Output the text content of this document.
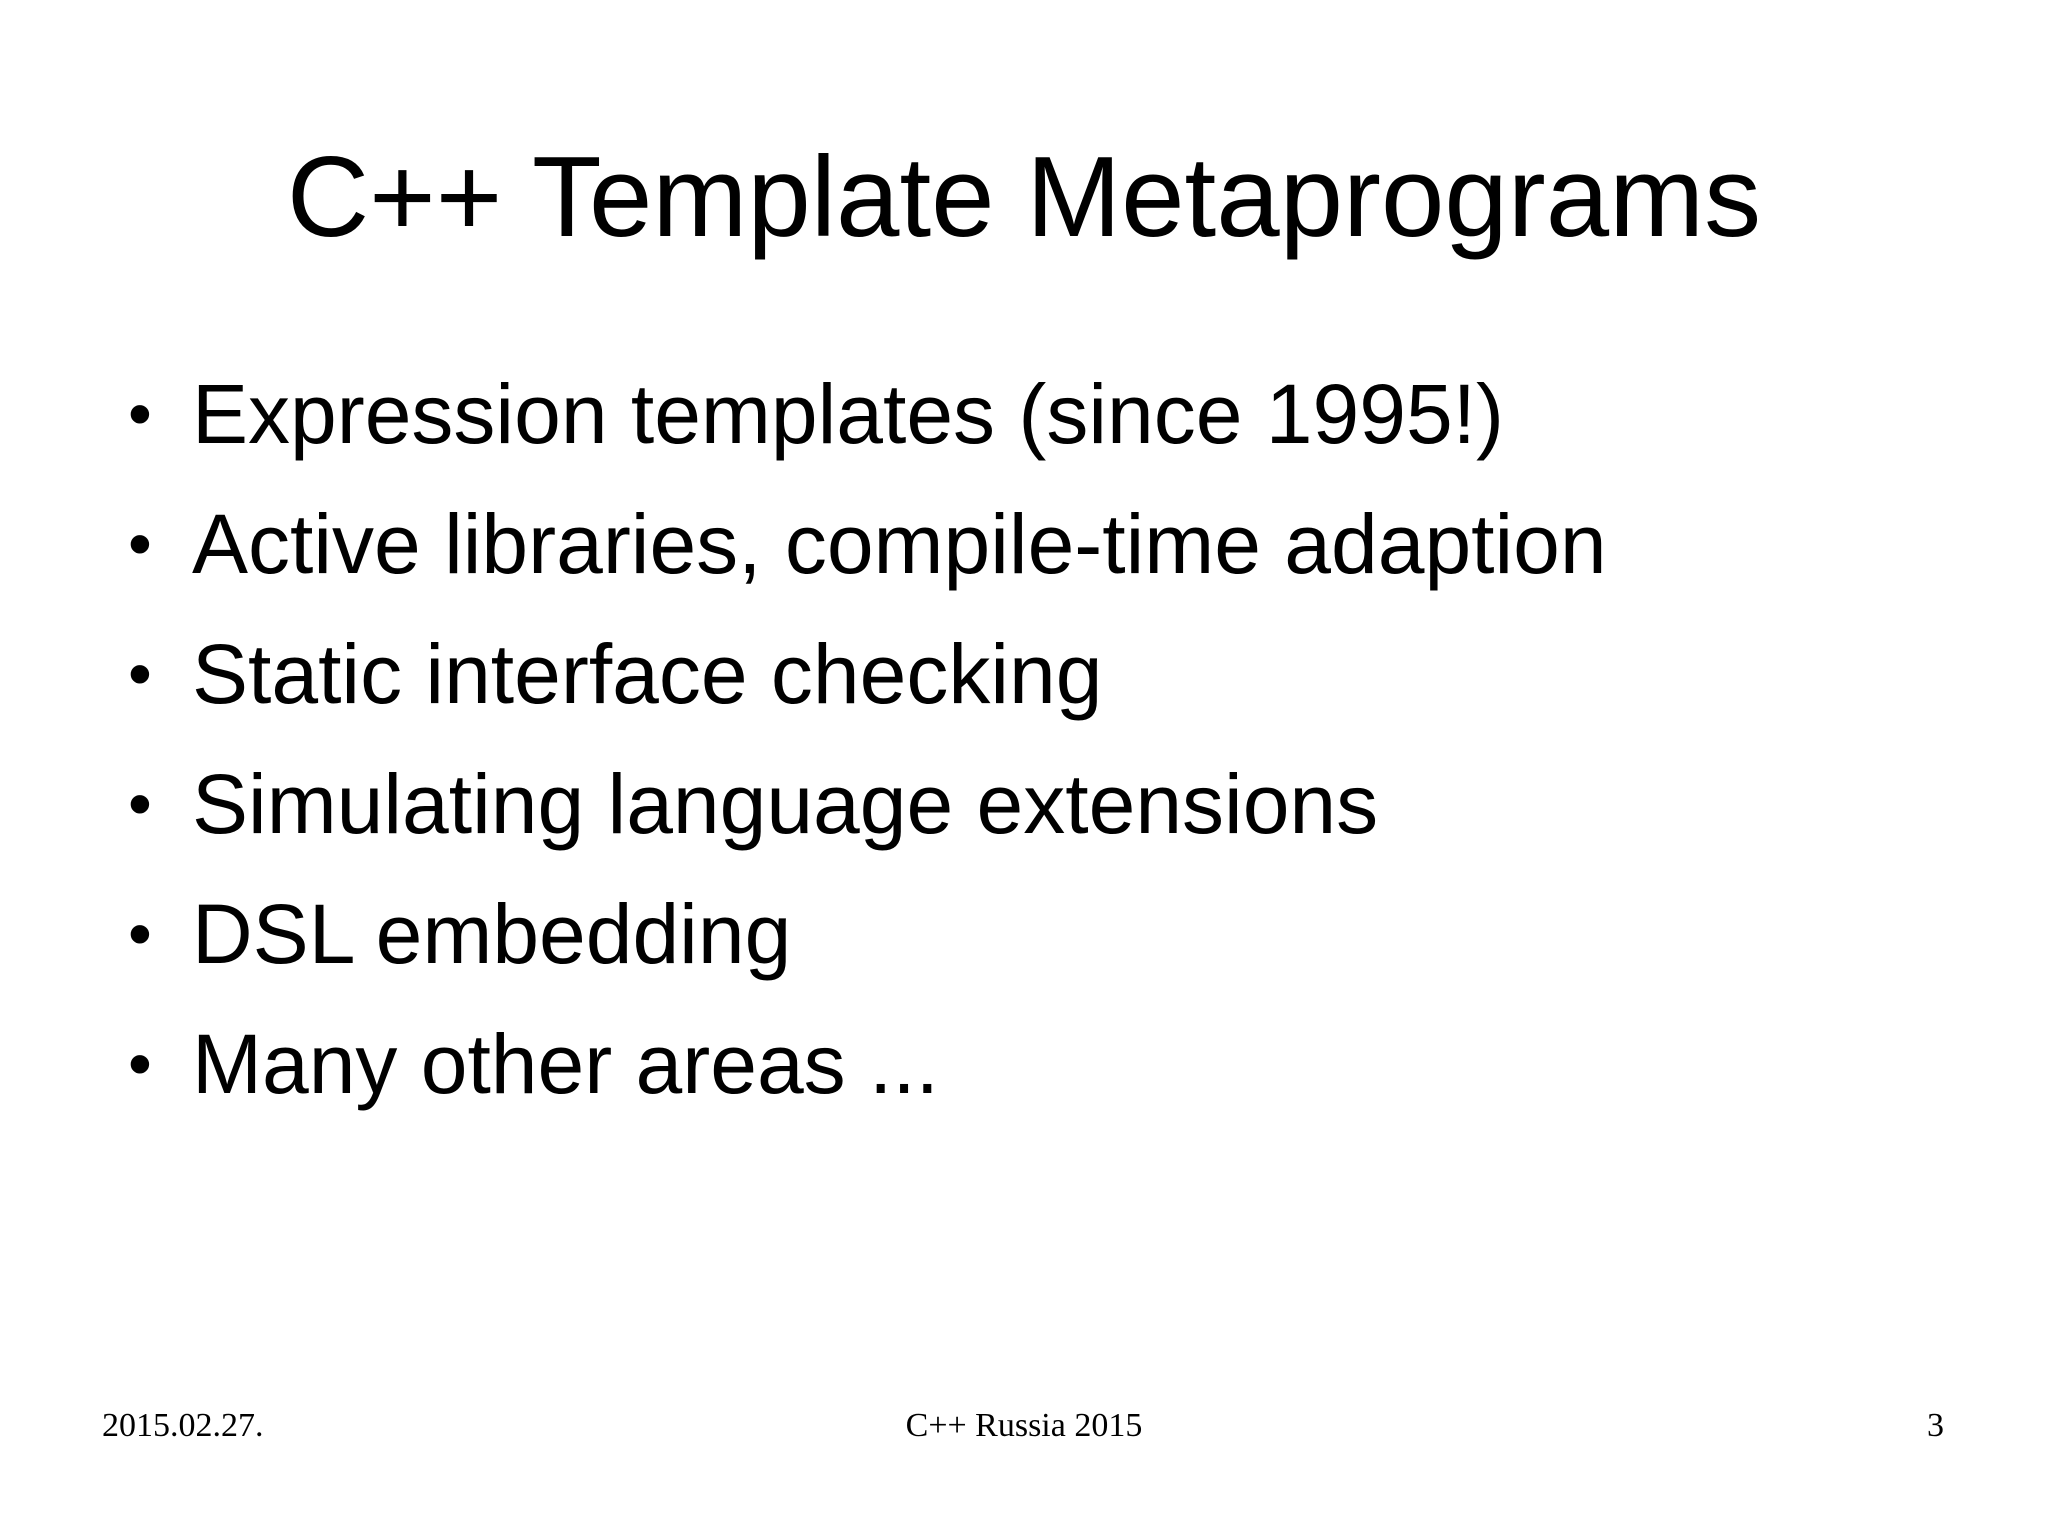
C++ Template Metaprograms
• Expression templates (since 1995!)
• Active libraries, compile-time adaption
• Static interface checking
• Simulating language extensions
• DSL embedding
• Many other areas ...
2015.02.27.	C++ Russia 2015	3
